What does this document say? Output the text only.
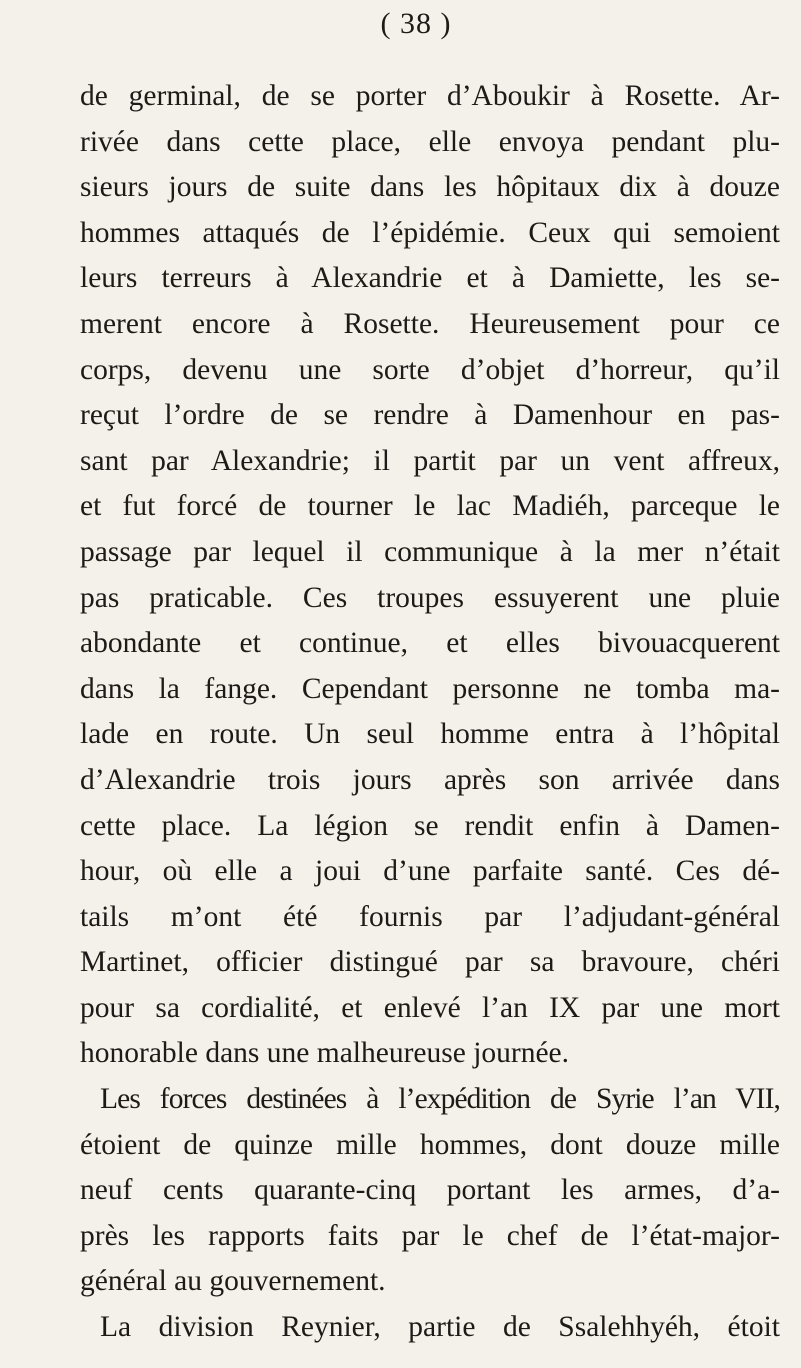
( 38 )
de germinal, de se porter d’Aboukir à Rosette. Ar-
rivée dans cette place, elle envoya pendant plu-
sieurs jours de suite dans les hôpitaux dix à douze
hommes attaqués de l’épidémie. Ceux qui semoient
leurs terreurs à Alexandrie et à Damiette, les se-
merent encore à Rosette. Heureusement pour ce
corps, devenu une sorte d’objet d’horreur, qu’il
reçut l’ordre de se rendre à Damenhour en pas-
sant par Alexandrie; il partit par un vent affreux,
et fut forcé de tourner le lac Madiéh, parceque le
passage par lequel il communique à la mer n’était
pas praticable. Ces troupes essuyerent une pluie
abondante et continue, et elles bivouacquerent
dans la fange. Cependant personne ne tomba ma-
lade en route. Un seul homme entra à l’hôpital
d’Alexandrie trois jours après son arrivée dans
cette place. La légion se rendit enfin à Damen-
hour, où elle a joui d’une parfaite santé. Ces dé-
tails m’ont été fournis par l’adjudant-général
Martinet, officier distingué par sa bravoure, chéri
pour sa cordialité, et enlevé l’an IX par une mort
honorable dans une malheureuse journée.
Les forces destinées à l’expédition de Syrie l’an VII,
étoient de quinze mille hommes, dont douze mille
neuf cents quarante-cinq portant les armes, d’a-
près les rapports faits par le chef de l’état-major-
général au gouvernement.
La division Reynier, partie de Ssalehhyéh, étoit
